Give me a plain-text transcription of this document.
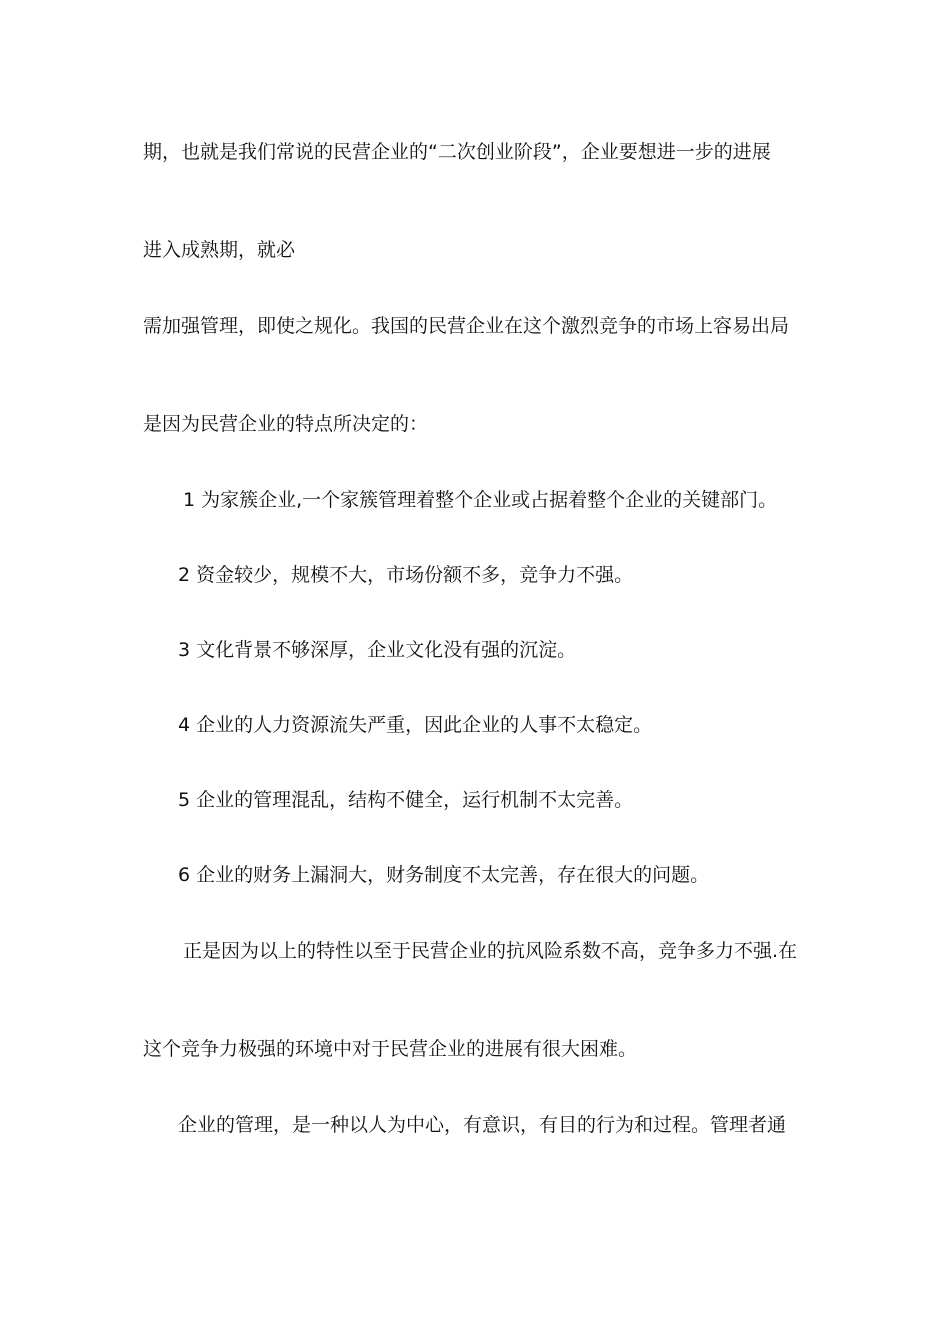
期，也就是我们常说的民营企业的“二次创业阶段”，企业要想进一步的进展
进入成熟期，就必
需加强管理，即使之规化。我国的民营企业在这个激烈竞争的市场上容易出局
是因为民营企业的特点所决定的：
1 为家簇企业,一个家簇管理着整个企业或占据着整个企业的关键部门。
2 资金较少，规模不大，市场份额不多，竞争力不强。
3 文化背景不够深厚，企业文化没有强的沉淀。
4 企业的人力资源流失严重，因此企业的人事不太稳定。
5 企业的管理混乱，结构不健全，运行机制不太完善。
6 企业的财务上漏洞大，财务制度不太完善，存在很大的问题。
正是因为以上的特性以至于民营企业的抗风险系数不高，竞争多力不强.在
这个竞争力极强的环境中对于民营企业的进展有很大困难。
企业的管理，是一种以人为中心，有意识，有目的行为和过程。管理者通
